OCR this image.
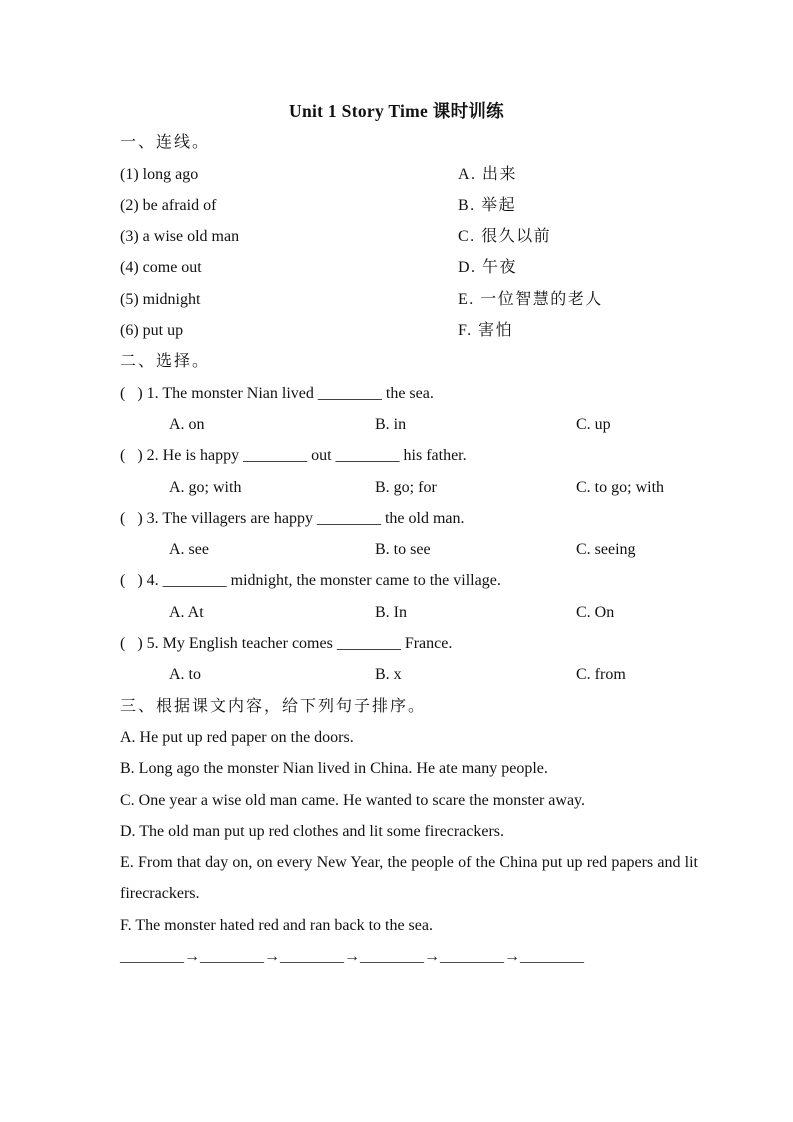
Unit 1 Story Time 课时训练
一、连线。
(1) long ago	A. 出来
(2) be afraid of	B. 举起
(3) a wise old man	C. 很久以前
(4) come out	D. 午夜
(5) midnight	E. 一位智慧的老人
(6) put up	F. 害怕
二、选择。
(   ) 1. The monster Nian lived ________ the sea.
A. on	B. in	C. up
(   ) 2. He is happy ________ out ________ his father.
A. go; with	B. go; for	C. to go; with
(   ) 3. The villagers are happy ________ the old man.
A. see	B. to see	C. seeing
(   ) 4. ________ midnight, the monster came to the village.
A. At	B. In	C. On
(   ) 5. My English teacher comes ________ France.
A. to	B. x	C. from
三、根据课文内容，给下列句子排序。
A. He put up red paper on the doors.
B. Long ago the monster Nian lived in China. He ate many people.
C. One year a wise old man came. He wanted to scare the monster away.
D. The old man put up red clothes and lit some firecrackers.
E. From that day on, on every New Year, the people of the China put up red papers and lit firecrackers.
F. The monster hated red and ran back to the sea.
________→________→________→________→________→________
